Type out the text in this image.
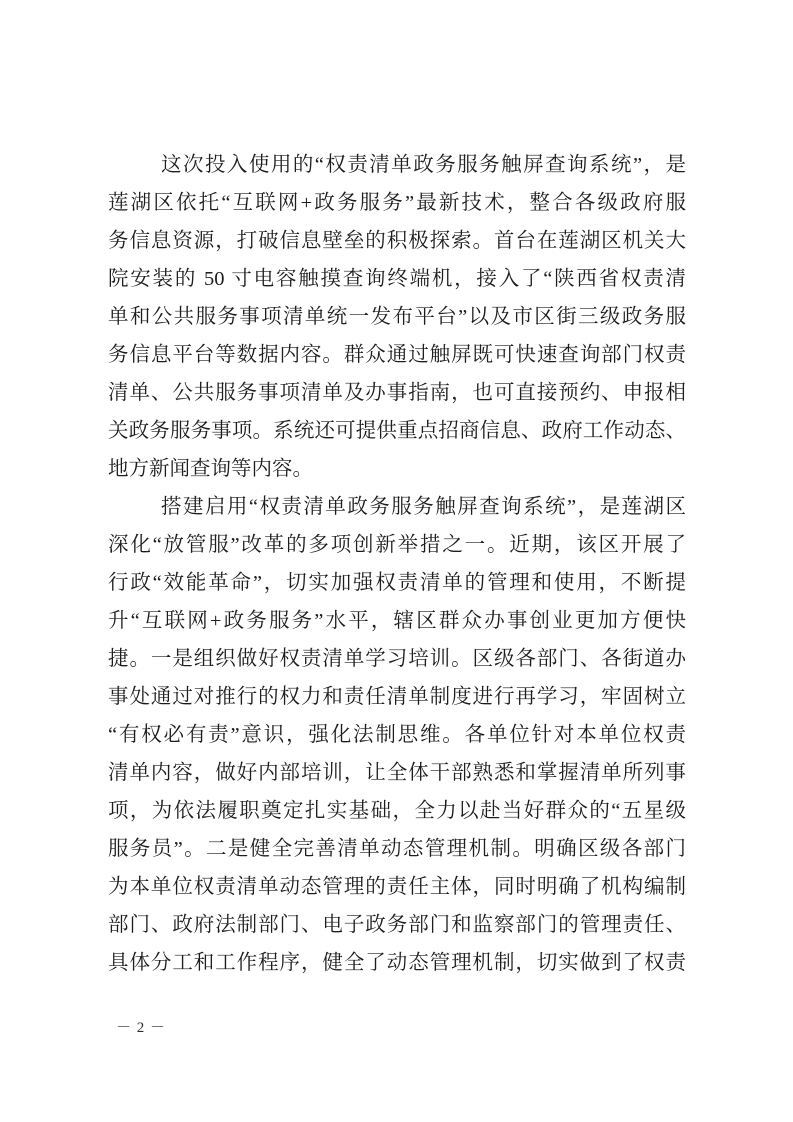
这次投入使用的“权责清单政务服务触屏查询系统”，是
莲湖区依托“互联网+政务服务”最新技术，整合各级政府服
务信息资源，打破信息壁垒的积极探索。首台在莲湖区机关大
院安装的 50 寸电容触摸查询终端机，接入了“陕西省权责清
单和公共服务事项清单统一发布平台”以及市区街三级政务服
务信息平台等数据内容。群众通过触屏既可快速查询部门权责
清单、公共服务事项清单及办事指南，也可直接预约、申报相
关政务服务事项。系统还可提供重点招商信息、政府工作动态、
地方新闻查询等内容。
搭建启用“权责清单政务服务触屏查询系统”，是莲湖区
深化“放管服”改革的多项创新举措之一。近期，该区开展了
行政“效能革命”，切实加强权责清单的管理和使用，不断提
升“互联网+政务服务”水平，辖区群众办事创业更加方便快
捷。一是组织做好权责清单学习培训。区级各部门、各街道办
事处通过对推行的权力和责任清单制度进行再学习，牢固树立
“有权必有责”意识，强化法制思维。各单位针对本单位权责
清单内容，做好内部培训，让全体干部熟悉和掌握清单所列事
项，为依法履职奠定扎实基础，全力以赴当好群众的“五星级
服务员”。二是健全完善清单动态管理机制。明确区级各部门
为本单位权责清单动态管理的责任主体，同时明确了机构编制
部门、政府法制部门、电子政务部门和监察部门的管理责任、
具体分工和工作程序，健全了动态管理机制，切实做到了权责
－ 2 －
